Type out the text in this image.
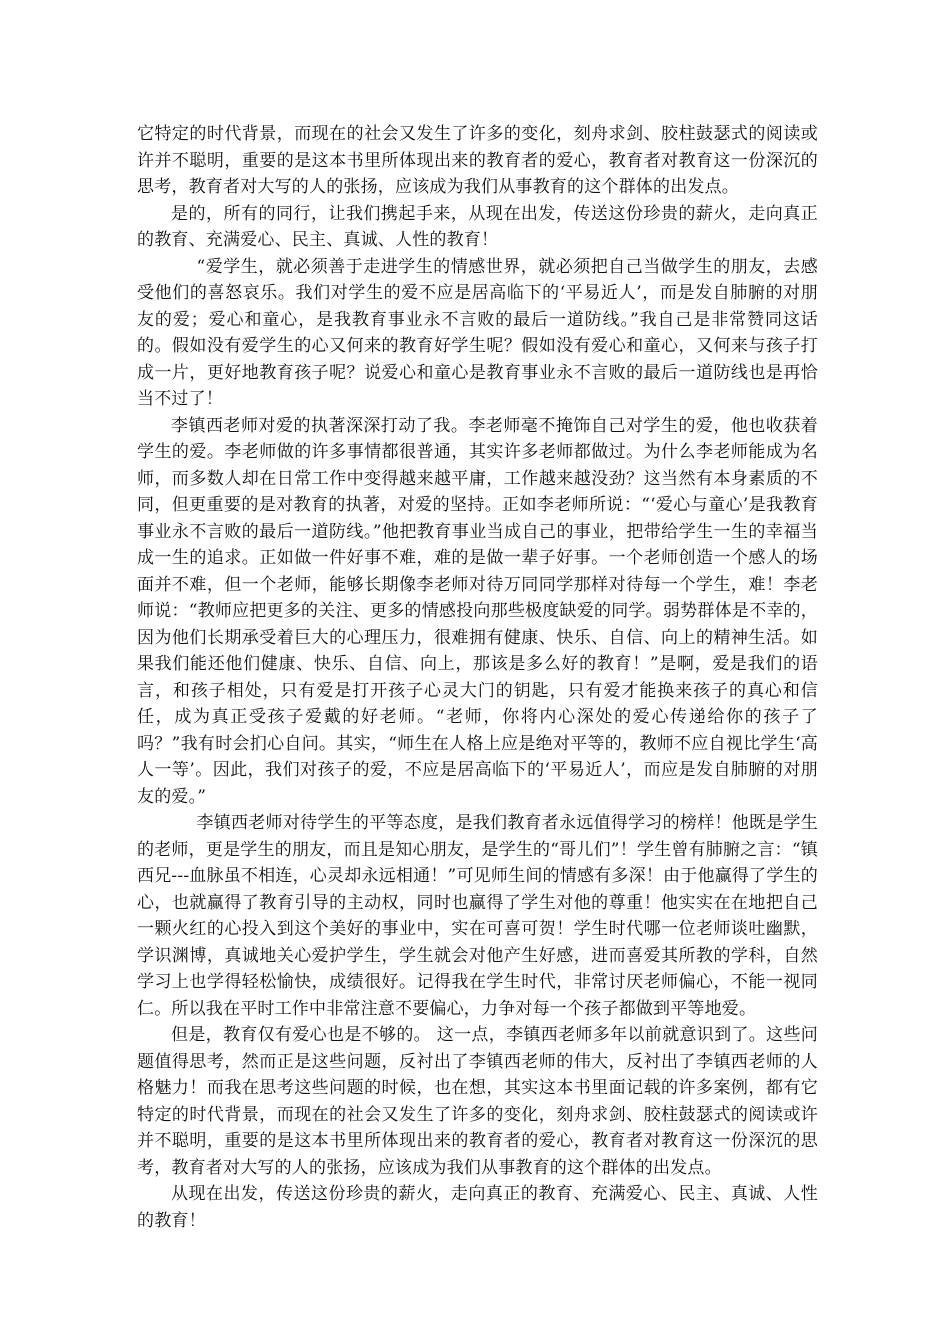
它特定的时代背景，而现在的社会又发生了许多的变化，刻舟求剑、胶柱鼓瑟式的阅读或许并不聪明，重要的是这本书里所体现出来的教育者的爱心，教育者对教育这一份深沉的思考，教育者对大写的人的张扬，应该成为我们从事教育的这个群体的出发点。

是的，所有的同行，让我们携起手来，从现在出发，传送这份珍贵的薪火，走向真正的教育、充满爱心、民主、真诚、人性的教育！

“爱学生，就必须善于走进学生的情感世界，就必须把自己当做学生的朋友，去感受他们的喜怒哀乐。我们对学生的爱不应是居高临下的‘平易近人’，而是发自肺腑的对朋友的爱；爱心和童心，是我教育事业永不言败的最后一道防线。”我自己是非常赞同这话的。假如没有爱学生的心又何来的教育好学生呢？假如没有爱心和童心，又何来与孩子打成一片，更好地教育孩子呢？说爱心和童心是教育事业永不言败的最后一道防线也是再恰当不过了！

李镇西老师对爱的执著深深打动了我。李老师毫不掩饰自己对学生的爱，他也收获着学生的爱。李老师做的许多事情都很普通，其实许多老师都做过。为什么李老师能成为名师，而多数人却在日常工作中变得越来越平庸，工作越来越没劲？这当然有本身素质的不同，但更重要的是对教育的执著，对爱的坚持。正如李老师所说：“‘爱心与童心’是我教育事业永不言败的最后一道防线。”他把教育事业当成自己的事业，把带给学生一生的幸福当成一生的追求。正如做一件好事不难，难的是做一辈子好事。一个老师创造一个感人的场面并不难，但一个老师，能够长期像李老师对待万同同学那样对待每一个学生，难！李老师说：“教师应把更多的关注、更多的情感投向那些极度缺爱的同学。弱势群体是不幸的，因为他们长期承受着巨大的心理压力，很难拥有健康、快乐、自信、向上的精神生活。如果我们能还他们健康、快乐、自信、向上，那该是多么好的教育！”是啊，爱是我们的语言，和孩子相处，只有爱是打开孩子心灵大门的钥匙，只有爱才能换来孩子的真心和信任，成为真正受孩子爱戴的好老师。“老师，你将内心深处的爱心传递给你的孩子了吗？”我有时会扪心自问。其实，“师生在人格上应是绝对平等的，教师不应自视比学生‘高人一等’。因此，我们对孩子的爱，不应是居高临下的‘平易近人’，而应是发自肺腑的对朋友的爱。”

李镇西老师对待学生的平等态度，是我们教育者永远值得学习的榜样！他既是学生的老师，更是学生的朋友，而且是知心朋友，是学生的“哥儿们”！学生曾有肺腑之言：“镇西兄---血脉虽不相连，心灵却永远相通！”可见师生间的情感有多深！由于他赢得了学生的心，也就赢得了教育引导的主动权，同时也赢得了学生对他的尊重！他实实在在地把自己一颗火红的心投入到这个美好的事业中，实在可喜可贺！学生时代哪一位老师谈吐幽默，学识渊博，真诚地关心爱护学生，学生就会对他产生好感，进而喜爱其所教的学科，自然学习上也学得轻松愉快，成绩很好。记得我在学生时代，非常讨厌老师偏心，不能一视同仁。所以我在平时工作中非常注意不要偏心，力争对每一个孩子都做到平等地爱。

但是，教育仅有爱心也是不够的。 这一点，李镇西老师多年以前就意识到了。这些问题值得思考，然而正是这些问题，反衬出了李镇西老师的伟大，反衬出了李镇西老师的人格魅力！而我在思考这些问题的时候，也在想，其实这本书里面记载的许多案例，都有它特定的时代背景，而现在的社会又发生了许多的变化，刻舟求剑、胶柱鼓瑟式的阅读或许并不聪明，重要的是这本书里所体现出来的教育者的爱心，教育者对教育这一份深沉的思考，教育者对大写的人的张扬，应该成为我们从事教育的这个群体的出发点。

从现在出发，传送这份珍贵的薪火，走向真正的教育、充满爱心、民主、真诚、人性的教育！
